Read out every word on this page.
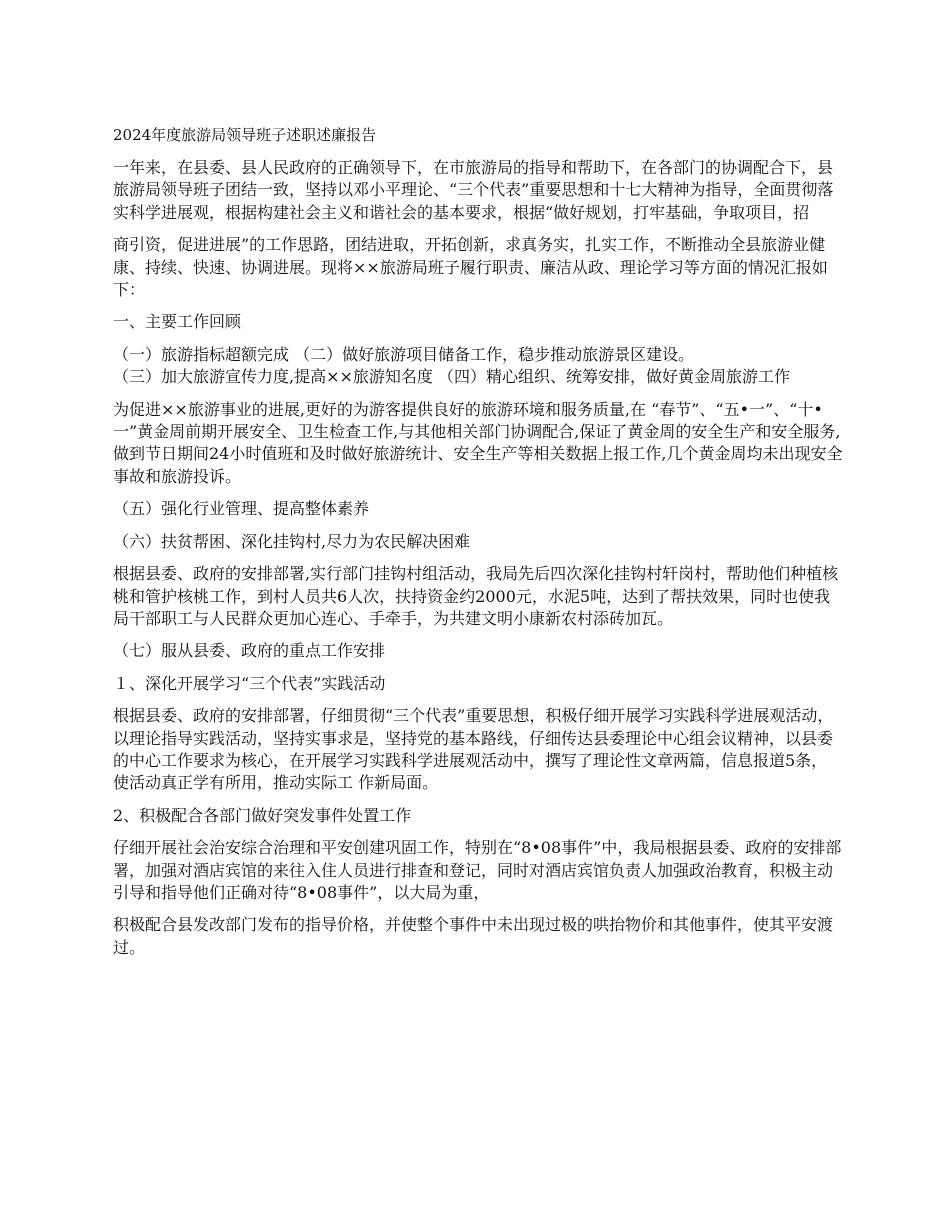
2024年度旅游局领导班子述职述廉报告

一年来，在县委、县人民政府的正确领导下，在市旅游局的指导和帮助下，在各部门的协调配合下，县旅游局领导班子团结一致，坚持以邓小平理论、“三个代表”重要思想和十七大精神为指导，全面贯彻落实科学进展观，根据构建社会主义和谐社会的基本要求，根据“做好规划，打牢基础，争取项目，招

商引资，促进进展”的工作思路，团结进取，开拓创新，求真务实，扎实工作，不断推动全县旅游业健康、持续、快速、协调进展。现将××旅游局班子履行职责、廉洁从政、理论学习等方面的情况汇报如下：

一、主要工作回顾

（一）旅游指标超额完成 （二）做好旅游项目储备工作，稳步推动旅游景区建设。

（三）加大旅游宣传力度,提高××旅游知名度 （四）精心组织、统筹安排，做好黄金周旅游工作

为促进××旅游事业的进展,更好的为游客提供良好的旅游环境和服务质量,在 “春节”、“五•一”、“十•一”黄金周前期开展安全、卫生检查工作,与其他相关部门协调配合,保证了黄金周的安全生产和安全服务,做到节日期间24小时值班和及时做好旅游统计、安全生产等相关数据上报工作,几个黄金周均未出现安全事故和旅游投诉。

（五）强化行业管理、提高整体素养

（六）扶贫帮困、深化挂钩村,尽力为农民解决困难

根据县委、政府的安排部署,实行部门挂钩村组活动，我局先后四次深化挂钩村轩岗村，帮助他们种植核桃和管护核桃工作，到村人员共6人次，扶持资金约2000元，水泥5吨，达到了帮扶效果，同时也使我局干部职工与人民群众更加心连心、手牵手，为共建文明小康新农村添砖加瓦。

（七）服从县委、政府的重点工作安排

１、深化开展学习“三个代表”实践活动

根据县委、政府的安排部署，仔细贯彻“三个代表”重要思想，积极仔细开展学习实践科学进展观活动，以理论指导实践活动，坚持实事求是，坚持党的基本路线，仔细传达县委理论中心组会议精神，以县委的中心工作要求为核心，在开展学习实践科学进展观活动中，撰写了理论性文章两篇，信息报道5条，使活动真正学有所用，推动实际工 作新局面。

2、积极配合各部门做好突发事件处置工作

仔细开展社会治安综合治理和平安创建巩固工作，特别在“8•08事件”中，我局根据县委、政府的安排部署，加强对酒店宾馆的来往入住人员进行排查和登记，同时对酒店宾馆负责人加强政治教育，积极主动引导和指导他们正确对待“8•08事件”，以大局为重，

积极配合县发改部门发布的指导价格，并使整个事件中未出现过极的哄抬物价和其他事件，使其平安渡过。
